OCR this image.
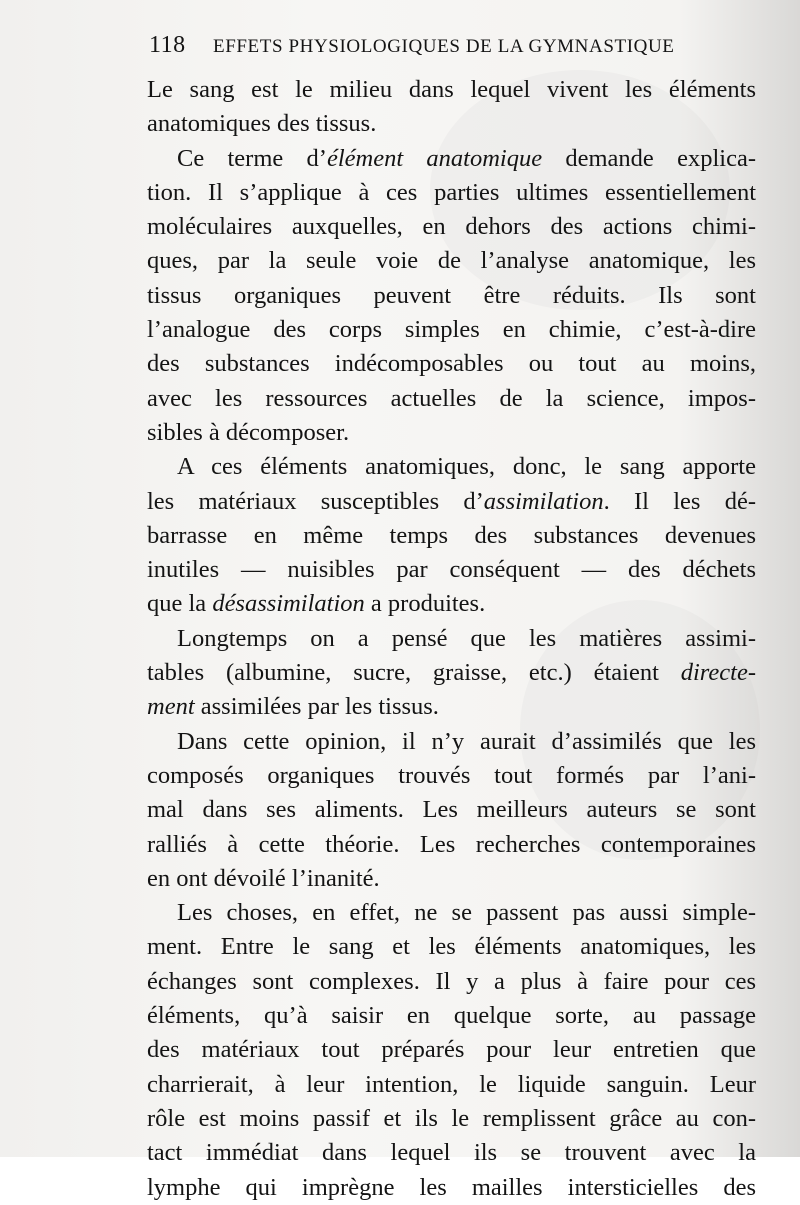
118 EFFETS PHYSIOLOGIQUES DE LA GYMNASTIQUE
Le sang est le milieu dans lequel vivent les éléments
anatomiques des tissus.
Ce terme d’élément anatomique demande explica-
tion. Il s’applique à ces parties ultimes essentiellement
moléculaires auxquelles, en dehors des actions chimi-
ques, par la seule voie de l’analyse anatomique, les
tissus organiques peuvent être réduits. Ils sont
l’analogue des corps simples en chimie, c’est-à-dire
des substances indécomposables ou tout au moins,
avec les ressources actuelles de la science, impos-
sibles à décomposer.
A ces éléments anatomiques, donc, le sang apporte
les matériaux susceptibles d’assimilation. Il les dé-
barrasse en même temps des substances devenues
inutiles — nuisibles par conséquent — des déchets
que la désassimilation a produites.
Longtemps on a pensé que les matières assimi-
tables (albumine, sucre, graisse, etc.) étaient directe-
ment assimilées par les tissus.
Dans cette opinion, il n’y aurait d’assimilés que les
composés organiques trouvés tout formés par l’ani-
mal dans ses aliments. Les meilleurs auteurs se sont
ralliés à cette théorie. Les recherches contemporaines
en ont dévoilé l’inanité.
Les choses, en effet, ne se passent pas aussi simple-
ment. Entre le sang et les éléments anatomiques, les
échanges sont complexes. Il y a plus à faire pour ces
éléments, qu’à saisir en quelque sorte, au passage
des matériaux tout préparés pour leur entretien que
charrierait, à leur intention, le liquide sanguin. Leur
rôle est moins passif et ils le remplissent grâce au con-
tact immédiat dans lequel ils se trouvent avec la
lymphe qui imprègne les mailles intersticielles des
